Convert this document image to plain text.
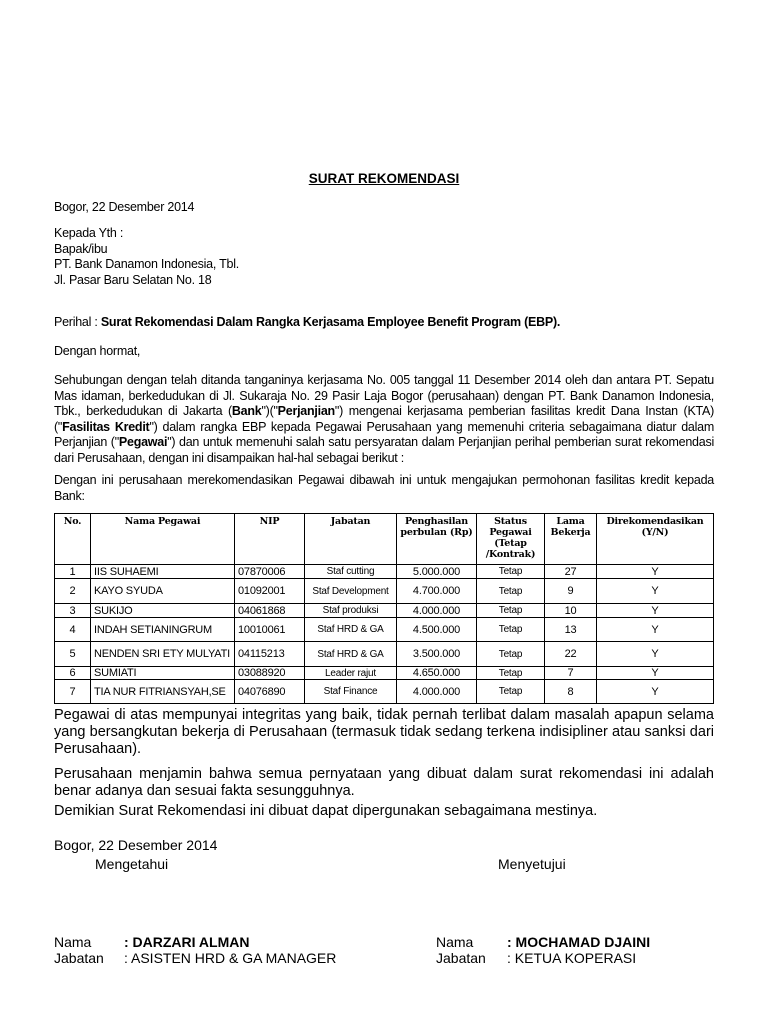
SURAT REKOMENDASI
Bogor, 22 Desember 2014
Kepada Yth :
Bapak/ibu
PT. Bank Danamon Indonesia, Tbl.
Jl. Pasar Baru Selatan No. 18
Perihal : Surat Rekomendasi Dalam Rangka Kerjasama Employee Benefit Program (EBP).
Dengan hormat,
Sehubungan dengan telah ditanda tanganinya kerjasama No. 005 tanggal 11 Desember 2014 oleh dan antara PT. Sepatu Mas idaman, berkedudukan di Jl. Sukaraja No. 29 Pasir Laja Bogor (perusahaan) dengan PT. Bank Danamon Indonesia, Tbk., berkedudukan di Jakarta (Bank")("Perjanjian") mengenai kerjasama pemberian fasilitas kredit Dana Instan (KTA) ("Fasilitas Kredit") dalam rangka EBP kepada Pegawai Perusahaan yang memenuhi criteria sebagaimana diatur dalam Perjanjian ("Pegawai") dan untuk memenuhi salah satu persyaratan dalam Perjanjian perihal pemberian surat rekomendasi dari Perusahaan, dengan ini disampaikan hal-hal sebagai berikut :
Dengan ini perusahaan merekomendasikan Pegawai dibawah ini untuk mengajukan permohonan fasilitas kredit kepada Bank:
No.	Nama Pegawai	NIP	Jabatan	Penghasilan perbulan (Rp)	Status Pegawai (Tetap /Kontrak)	Lama Bekerja	Direkomendasikan (Y/N)
1	IIS SUHAEMI	07870006	Staf cutting	5.000.000	Tetap	27	Y
2	KAYO SYUDA	01092001	Staf Development	4.700.000	Tetap	9	Y
3	SUKIJO	04061868	Staf produksi	4.000.000	Tetap	10	Y
4	INDAH SETIANINGRUM	10010061	Staf HRD & GA	4.500.000	Tetap	13	Y
5	NENDEN SRI ETY MULYATI	04115213	Staf HRD & GA	3.500.000	Tetap	22	Y
6	SUMIATI	03088920	Leader rajut	4.650.000	Tetap	7	Y
7	TIA NUR FITRIANSYAH,SE	04076890	Staf Finance	4.000.000	Tetap	8	Y
Pegawai di atas mempunyai integritas yang baik, tidak pernah terlibat dalam masalah apapun selama yang bersangkutan bekerja di Perusahaan (termasuk tidak sedang terkena indisipliner atau sanksi dari Perusahaan).
Perusahaan menjamin bahwa semua pernyataan yang dibuat dalam surat rekomendasi ini adalah benar adanya dan sesuai fakta sesungguhnya.
Demikian Surat Rekomendasi ini dibuat dapat dipergunakan sebagaimana mestinya.
Bogor, 22 Desember 2014
Mengetahui	Menyetujui
Nama : DARZARI ALMAN
Jabatan : ASISTEN HRD & GA MANAGER
Nama : MOCHAMAD DJAINI
Jabatan : KETUA KOPERASI
